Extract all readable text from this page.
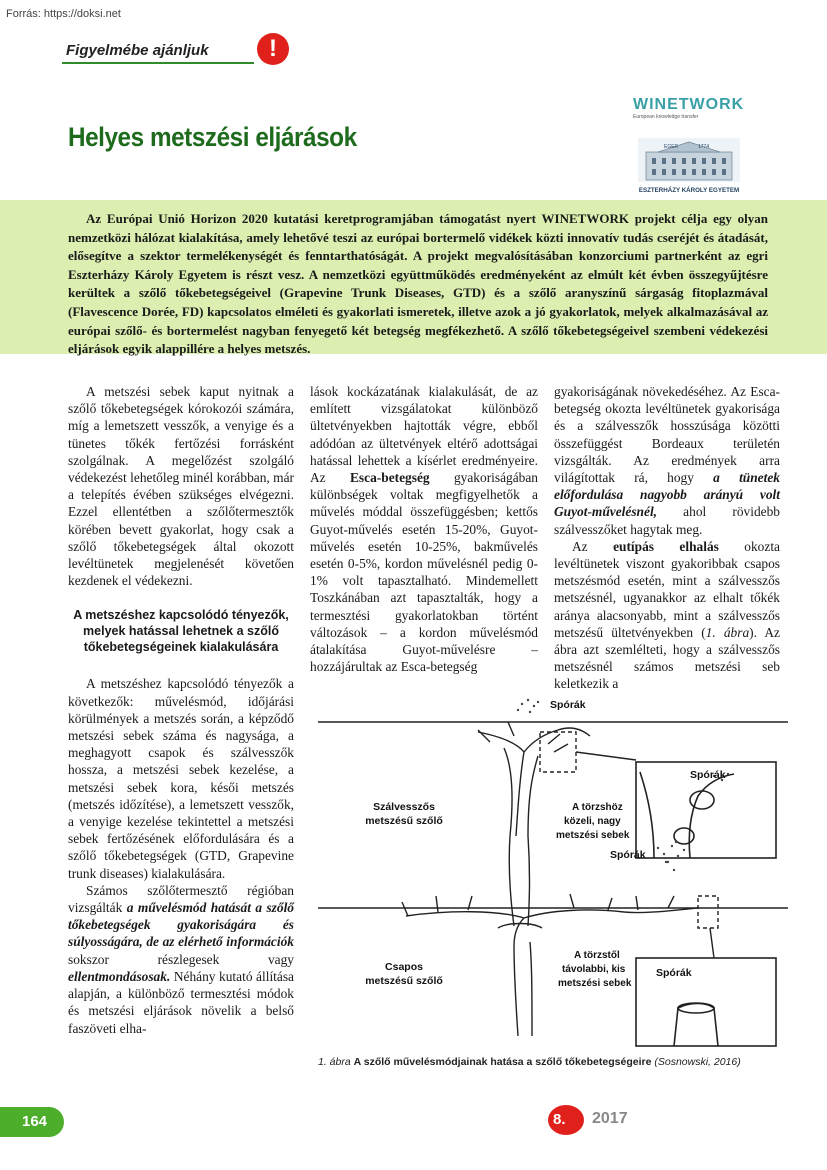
Forrás: https://doksi.net
Figyelmébe ajánljuk	!
Helyes metszési eljárások
WINETWORK
European knowledge transfer
EGER	1774
ESZTERHÁZY KÁROLY EGYETEM
Az Európai Unió Horizon 2020 kutatási keretprogramjában támogatást nyert WINETWORK projekt célja egy olyan nemzetközi hálózat kialakítása, amely lehetővé teszi az európai bortermelő vidékek közti innovatív tudás cseréjét és átadását, elősegítve a szektor termelékenységét és fenntarthatóságát. A projekt megvalósításában konzorciumi partnerként az egri Eszterházy Károly Egyetem is részt vesz. A nemzetközi együttműködés eredményeként az elmúlt két évben összegyűjtésre kerültek a szőlő tőkebetegségeivel (Grapevine Trunk Diseases, GTD) és a szőlő aranyszínű sárgaság fitoplazmával (Flavescence Dorée, FD) kapcsolatos elméleti és gyakorlati ismeretek, illetve azok a jó gyakorlatok, melyek alkalmazásával az európai szőlő- és bortermelést nagyban fenyegető két betegség megfékezhető. A szőlő tőkebetegségeivel szembeni védekezési eljárások egyik alappillére a helyes metszés.

A metszési sebek kaput nyitnak a szőlő tőkebetegségek kórokozói számára, míg a lemetszett vesszők, a venyige és a tünetes tőkék fertőzési forrásként szolgálnak. A megelőzést szolgáló védekezést lehetőleg minél korábban, már a telepítés évében szükséges elvégezni. Ezzel ellentétben a szőlőtermesztők körében bevett gyakorlat, hogy csak a szőlő tőkebetegségek által okozott levéltünetek megjelenését követően kezdenek el védekezni.

A metszéshez kapcsolódó tényezők, melyek hatással lehetnek a szőlő tőkebetegségeinek kialakulására

A metszéshez kapcsolódó tényezők a következők: művelésmód, időjárási körülmények a metszés során, a képződő metszési sebek száma és nagysága, a meghagyott csapok és szálvesszők hossza, a metszési sebek kezelése, a metszési sebek kora, késői metszés (metszés időzítése), a lemetszett vesszők, a venyige kezelése tekintettel a metszési sebek fertőzésének előfordulására és a szőlő tőkebetegségek (GTD, Grapevine trunk diseases) kialakulására.

Számos szőlőtermesztő régióban vizsgálták a művelésmód hatását a szőlő tőkebetegségek gyakoriságára és súlyosságára, de az elérhető információk sokszor részlegesek vagy ellentmondásosak. Néhány kutató állítása alapján, a különböző termesztési módok és metszési eljárások növelik a belső faszöveti elha-

lások kockázatának kialakulását, de az említett vizsgálatokat különböző ültetvényekben hajtották végre, ebből adódóan az ültetvények eltérő adottságai hatással lehettek a kísérlet eredményeire. Az Esca-betegség gyakoriságában különbségek voltak megfigyelhetők a művelés móddal összefüggésben; kettős Guyot-művelés esetén 15-20%, Guyot-művelés esetén 10-25%, bakművelés esetén 0-5%, kordon művelésnél pedig 0-1% volt tapasztalható. Mindemellett Toszkánában azt tapasztalták, hogy a termesztési gyakorlatokban történt változások – a kordon művelésmód átalakítása Guyot-művelésre – hozzájárultak az Esca-betegség

gyakoriságának növekedéséhez. Az Esca-betegség okozta levéltünetek gyakorisága és a szálvesszők hosszúsága közötti összefüggést Bordeaux területén vizsgálták. Az eredmények arra világítottak rá, hogy a tünetek előfordulása nagyobb arányú volt Guyot-művelésnél, ahol rövidebb szálvesszőket hagytak meg.

Az eutípás elhalás okozta levéltünetek viszont gyakoribbak csapos metszésmód esetén, mint a szálvesszős metszésnél, ugyanakkor az elhalt tőkék aránya alacsonyabb, mint a szálvesszős metszésű ültetvényekben (1. ábra). Az ábra azt szemlélteti, hogy a szálvesszős metszésnél számos metszési seb keletkezik a

Spórák
Spórák
Spórák
Spórák
Szálvesszős
metszésű szőlő
A törzshöz
közeli, nagy
metszési sebek
Csapos
metszésű szőlő
A törzstől
távolabbi, kis
metszési sebek
1. ábra A szőlő művelésmódjainak hatása a szőlő tőkebetegségeire (Sosnowski, 2016)
164	8. 2017
